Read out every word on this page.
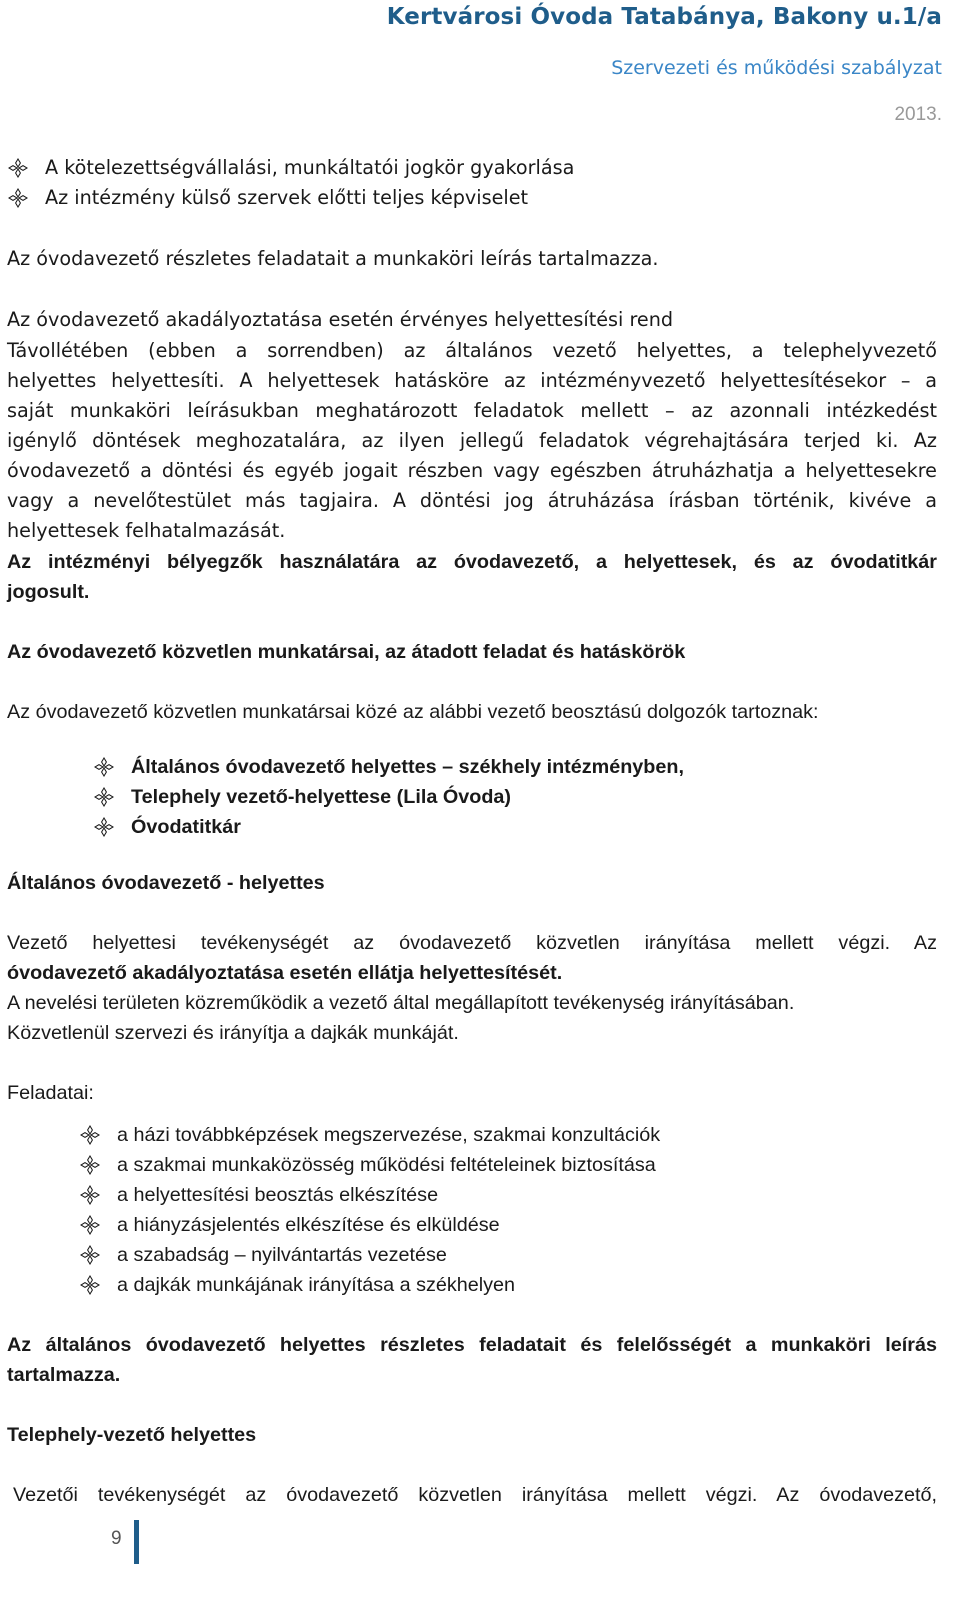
Kertvárosi Óvoda Tatabánya, Bakony u.1/a
Szervezeti és működési szabályzat
2013.
A kötelezettségvállalási, munkáltatói jogkör gyakorlása
Az intézmény külső szervek előtti teljes képviselet
Az óvodavezető részletes feladatait a munkaköri leírás tartalmazza.
Az óvodavezető akadályoztatása esetén érvényes helyettesítési rend
Távollétében (ebben a sorrendben) az általános vezető helyettes, a telephelyvezető
helyettes helyettesíti. A helyettesek hatásköre az intézményvezető helyettesítésekor – a
saját munkaköri leírásukban meghatározott feladatok mellett – az azonnali intézkedést
igénylő döntések meghozatalára, az ilyen jellegű feladatok végrehajtására terjed ki. Az
óvodavezető a döntési és egyéb jogait részben vagy egészben átruházhatja a helyettesekre
vagy a nevelőtestület más tagjaira. A döntési jog átruházása írásban történik, kivéve a
helyettesek felhatalmazását.
Az intézményi bélyegzők használatára az óvodavezető, a helyettesek, és az óvodatitkár
jogosult.
Az óvodavezető közvetlen munkatársai, az átadott feladat és hatáskörök
Az óvodavezető közvetlen munkatársai közé az alábbi vezető beosztású dolgozók tartoznak:
Általános óvodavezető helyettes – székhely intézményben,
Telephely vezető-helyettese (Lila Óvoda)
Óvodatitkár
Általános óvodavezető - helyettes
Vezető helyettesi tevékenységét az óvodavezető közvetlen irányítása mellett végzi. Az
óvodavezető akadályoztatása esetén ellátja helyettesítését.
A nevelési területen közreműködik a vezető által megállapított tevékenység irányításában.
Közvetlenül szervezi és irányítja a dajkák munkáját.
Feladatai:
a házi továbbképzések megszervezése, szakmai konzultációk
a szakmai munkaközösség működési feltételeinek biztosítása
a helyettesítési beosztás elkészítése
a hiányzásjelentés elkészítése és elküldése
a szabadság – nyilvántartás vezetése
a dajkák munkájának irányítása a székhelyen
Az általános óvodavezető helyettes részletes feladatait és felelősségét a munkaköri leírás
tartalmazza.
Telephely-vezető helyettes
Vezetői tevékenységét az óvodavezető közvetlen irányítása mellett végzi. Az óvodavezető,
9
